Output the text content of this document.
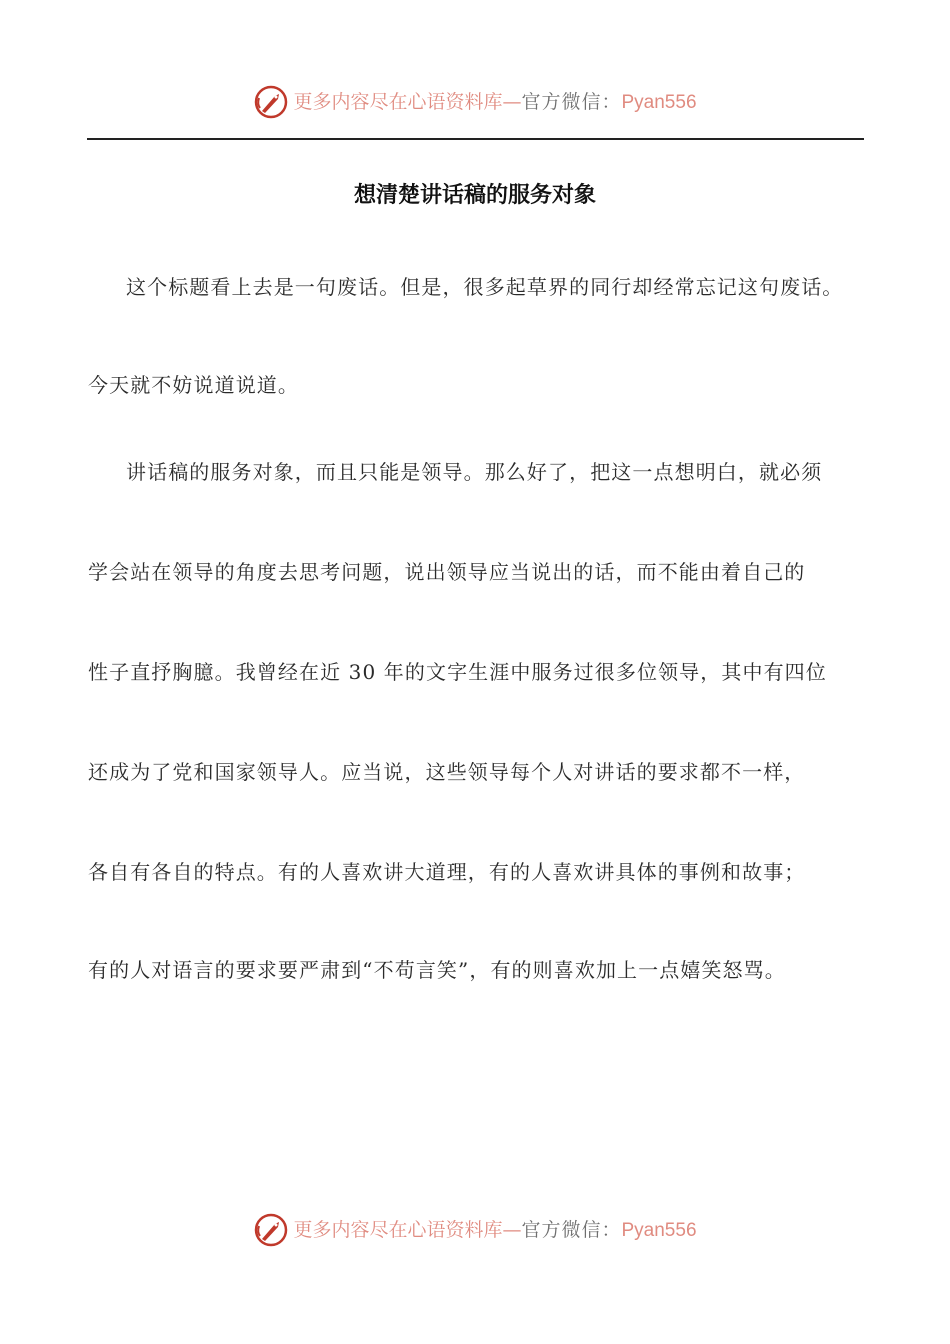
更多内容尽在心语资料库—官方微信：Pyan556
想清楚讲话稿的服务对象
这个标题看上去是一句废话。但是，很多起草界的同行却经常忘记这句废话。
今天就不妨说道说道。
讲话稿的服务对象，而且只能是领导。那么好了，把这一点想明白，就必须
学会站在领导的角度去思考问题，说出领导应当说出的话，而不能由着自己的
性子直抒胸臆。我曾经在近 30 年的文字生涯中服务过很多位领导，其中有四位
还成为了党和国家领导人。应当说，这些领导每个人对讲话的要求都不一样，
各自有各自的特点。有的人喜欢讲大道理，有的人喜欢讲具体的事例和故事；
有的人对语言的要求要严肃到“不苟言笑”，有的则喜欢加上一点嬉笑怒骂。
更多内容尽在心语资料库—官方微信：Pyan556
